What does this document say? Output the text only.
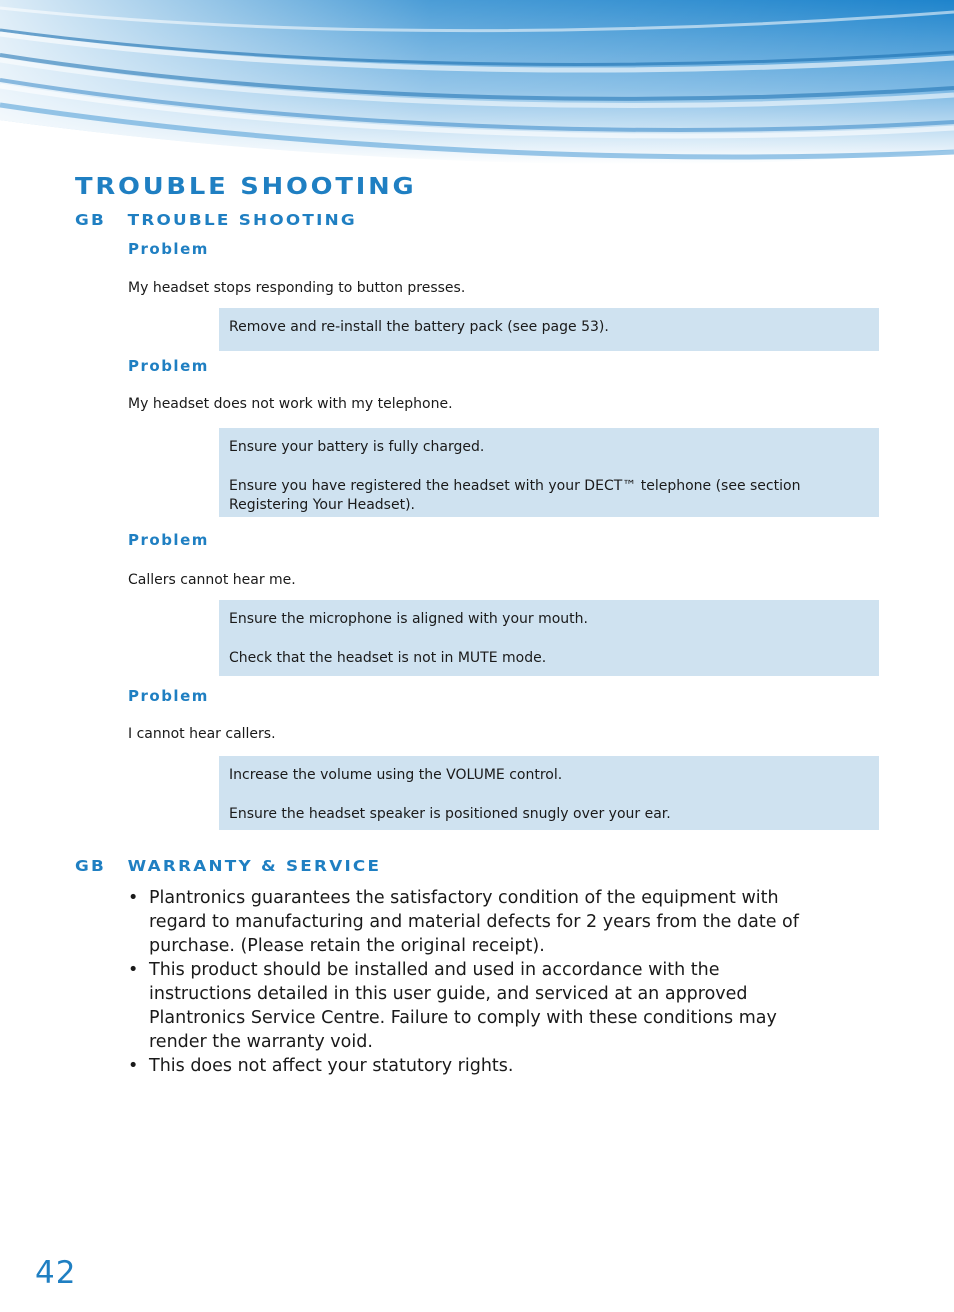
TROUBLE SHOOTING
GB TROUBLE SHOOTING
Problem

My headset stops responding to button presses.

Remove and re-install the battery pack (see page 53).

Problem

My headset does not work with my telephone.

Ensure your battery is fully charged.

Ensure you have registered the headset with your DECT™ telephone (see section Registering Your Headset).

Problem

Callers cannot hear me.

Ensure the microphone is aligned with your mouth.

Check that the headset is not in MUTE mode.

Problem

I cannot hear callers.

Increase the volume using the VOLUME control.

Ensure the headset speaker is positioned snugly over your ear.

GB WARRANTY & SERVICE
• Plantronics guarantees the satisfactory condition of the equipment with regard to manufacturing and material defects for 2 years from the date of purchase. (Please retain the original receipt).
• This product should be installed and used in accordance with the instructions detailed in this user guide, and serviced at an approved Plantronics Service Centre. Failure to comply with these conditions may render the warranty void.
• This does not affect your statutory rights.

42
